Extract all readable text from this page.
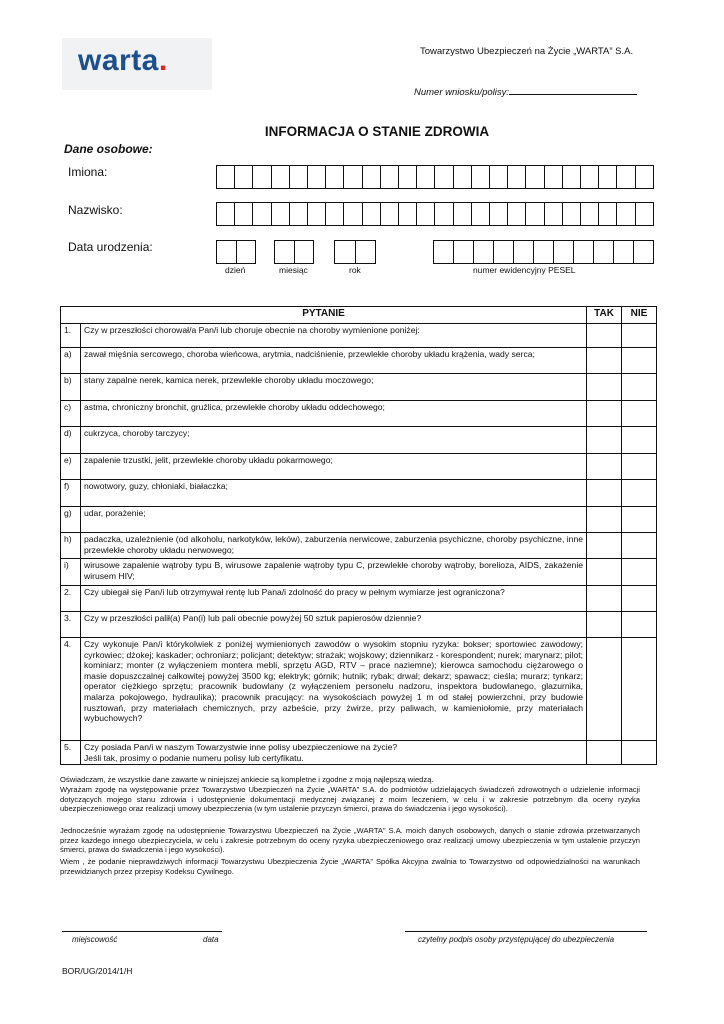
warta.	Towarzystwo Ubezpieczeń na Życie „WARTA” S.A.
Numer wniosku/polisy:
INFORMACJA O STANIE ZDROWIA
Dane osobowe:
Imiona:
Nazwisko:
Data urodzenia:
dzień	miesiąc	rok	numer ewidencyjny PESEL
PYTANIE		TAK	NIE
1.	Czy w przeszłości chorował/a Pan/i lub choruje obecnie na choroby wymienione poniżej:		
a)	zawał mięśnia sercowego, choroba wieńcowa, arytmia, nadciśnienie, przewlekłe choroby układu krążenia, wady serca;		
b)	stany zapalne nerek, kamica nerek, przewlekłe choroby układu moczowego;		
c)	astma, chroniczny bronchit, gruźlica, przewlekłe choroby układu oddechowego;		
d)	cukrzyca, choroby tarczycy;		
e)	zapalenie trzustki, jelit, przewlekłe choroby układu pokarmowego;		
f)	nowotwory, guzy, chłoniaki, białaczka;		
g)	udar, porażenie;		
h)	padaczka, uzależnienie (od alkoholu, narkotyków, leków), zaburzenia nerwicowe, zaburzenia psychiczne, choroby psychiczne, inne przewlekłe choroby układu nerwowego;		
i)	wirusowe zapalenie wątroby typu B, wirusowe zapalenie wątroby typu C, przewlekłe choroby wątroby, borelioza, AIDS, zakażenie wirusem HIV;		
2.	Czy ubiegał się Pan/i lub otrzymywał rentę lub Pana/i zdolność do pracy w pełnym wymiarze jest ograniczona?		
3.	Czy w przeszłości palił(a) Pan(i) lub pali obecnie powyżej 50 sztuk papierosów dziennie?		
4.	Czy wykonuje Pan/i którykolwiek z poniżej wymienionych zawodów o wysokim stopniu ryzyka: bokser; sportowiec zawodowy; cyrkowiec; dżokej; kaskader; ochroniarz; policjant; detektyw; strażak; wojskowy; dziennikarz - korespondent; nurek; marynarz; pilot; kominiarz; monter (z wyłączeniem montera mebli, sprzętu AGD, RTV – prace naziemne); kierowca samochodu ciężarowego o masie dopuszczalnej całkowitej powyżej 3500 kg; elektryk; górnik; hutnik; rybak; drwal; dekarz; spawacz; cieśla; murarz; tynkarz; operator ciężkiego sprzętu; pracownik budowlany (z wyłączeniem personelu nadzoru, inspektora budowlanego, glazurnika, malarza pokojowego, hydraulika); pracownik pracujący: na wysokościach powyżej 1 m od stałej powierzchni, przy budowie rusztowań, przy materiałach chemicznych, przy azbeście, przy żwirze, przy paliwach, w kamieniołomie, przy materiałach wybuchowych?		
5.	Czy posiada Pan/i w naszym Towarzystwie inne polisy ubezpieczeniowe na życie?
Jeśli tak, prosimy o podanie numeru polisy lub certyfikatu.		

Oświadczam, że wszystkie dane zawarte w niniejszej ankiecie są kompletne i zgodne z moją najlepszą wiedzą.
Wyrażam zgodę na występowanie przez Towarzystwo Ubezpieczeń na Życie „WARTA” S.A. do podmiotów udzielających świadczeń zdrowotnych o udzielenie informacji dotyczących mojego stanu zdrowia i udostępnienie dokumentacji medycznej związanej z moim leczeniem, w celu i w zakresie potrzebnym dla oceny ryzyka ubezpieczeniowego oraz realizacji umowy ubezpieczenia (w tym ustalenie przyczyn śmierci, prawa do świadczenia i jego wysokości).
Jednocześnie wyrażam zgodę na udostępnienie Towarzystwu Ubezpieczeń na Życie „WARTA” S.A. moich danych osobowych, danych o stanie zdrowia przetwarzanych przez każdego innego ubezpieczyciela, w celu i zakresie potrzebnym do oceny ryzyka ubezpieczeniowego oraz realizacji umowy ubezpieczenia w tym ustalenie przyczyn śmierci, prawa do świadczenia i jego wysokości).
Wiem , że podanie nieprawdziwych informacji Towarzystwu Ubezpieczenia Życie „WARTA” Spółka Akcyjna zwalnia to Towarzystwo od odpowiedzialności na warunkach przewidzianych przez przepisy Kodeksu Cywilnego.
miejscowość	data	czytelny podpis osoby przystępującej do ubezpieczenia
BOR/UG/2014/1/H
